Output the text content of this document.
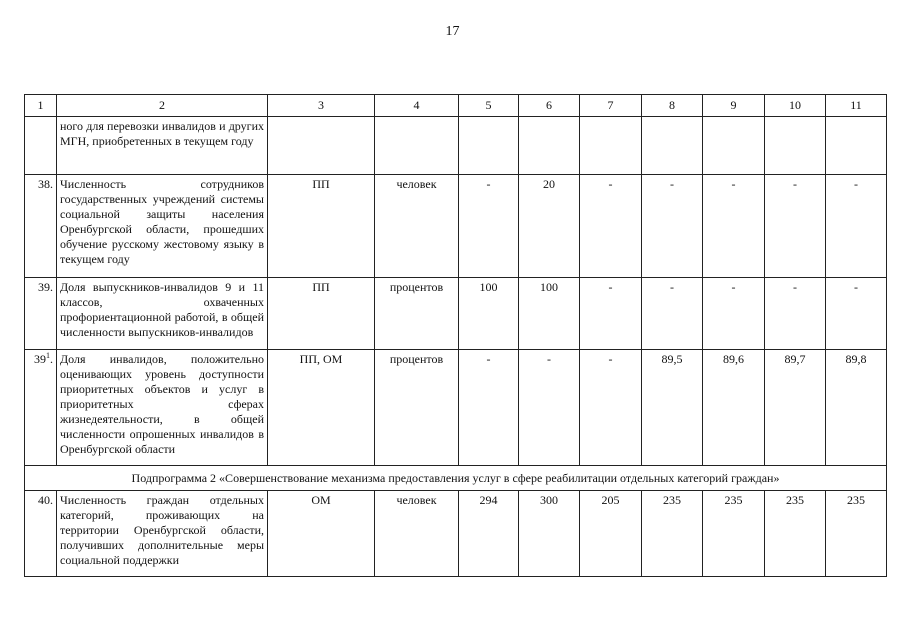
17
1	2	3	4	5	6	7	8	9	10	11
	ного для перевозки инвалидов и других МГН, приобретенных в текущем году									
38.	Численность сотрудников государственных учреждений системы социальной защиты населения Оренбургской области, прошедших обучение русскому жестовому языку в текущем году	ПП	человек	-	20	-	-	-	-	-
39.	Доля выпускников-инвалидов 9 и 11 классов, охваченных профориентационной работой, в общей численности выпускников-инвалидов	ПП	процентов	100	100	-	-	-	-	-
$39^1$.	Доля инвалидов, положительно оценивающих уровень доступности приоритетных объектов и услуг в приоритетных сферах жизнедеятельности, в общей численности опрошенных инвалидов в Оренбургской области	ПП, ОМ	процентов	-	-	-	89,5	89,6	89,7	89,8
Подпрограмма 2 «Совершенствование механизма предоставления услуг в сфере реабилитации отдельных категорий граждан»										
40.	Численность граждан отдельных категорий, проживающих на территории Оренбургской области, получивших дополнительные меры социальной поддержки	ОМ	человек	294	300	205	235	235	235	235
